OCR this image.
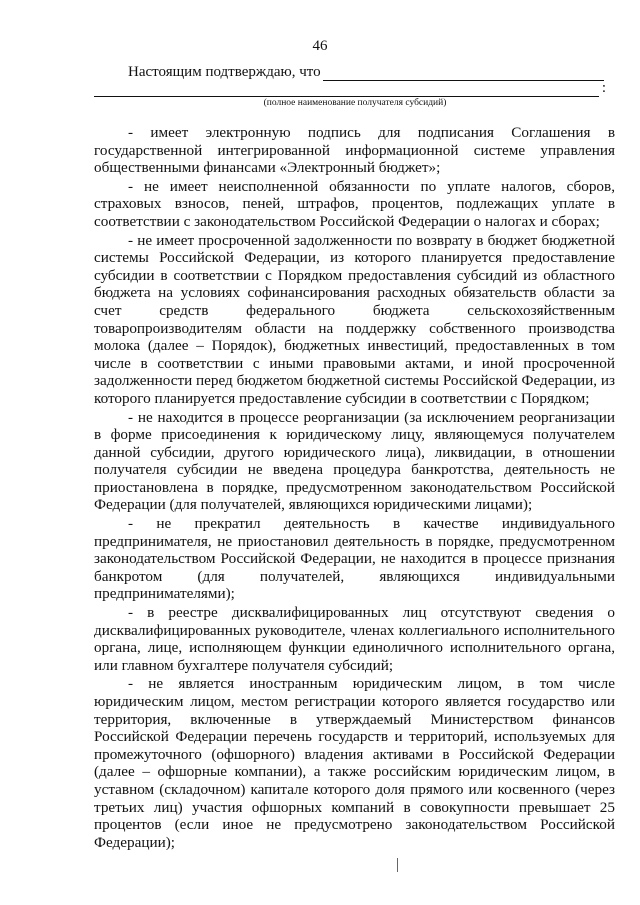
46
Настоящим подтверждаю, что
:
(полное наименование получателя субсидий)

- имеет электронную подпись для подписания Соглашения в государственной интегрированной информационной системе управления общественными финансами «Электронный бюджет»;

- не имеет неисполненной обязанности по уплате налогов, сборов, страховых взносов, пеней, штрафов, процентов, подлежащих уплате в соответствии с законодательством Российской Федерации о налогах и сборах;

- не имеет просроченной задолженности по возврату в бюджет бюджетной системы Российской Федерации, из которого планируется предоставление субсидии в соответствии с Порядком предоставления субсидий из областного бюджета на условиях софинансирования расходных обязательств области за счет средств федерального бюджета сельскохозяйственным товаропроизводителям области на поддержку собственного производства молока (далее – Порядок), бюджетных инвестиций, предоставленных в том числе в соответствии с иными правовыми актами, и иной просроченной задолженности перед бюджетом бюджетной системы Российской Федерации, из которого планируется предоставление субсидии в соответствии с Порядком;

- не находится в процессе реорганизации (за исключением реорганизации в форме присоединения к юридическому лицу, являющемуся получателем данной субсидии, другого юридического лица), ликвидации, в отношении получателя субсидии не введена процедура банкротства, деятельность не приостановлена в порядке, предусмотренном законодательством Российской Федерации (для получателей, являющихся юридическими лицами);

- не прекратил деятельность в качестве индивидуального предпринимателя, не приостановил деятельность в порядке, предусмотренном законодательством Российской Федерации, не находится в процессе признания банкротом (для получателей, являющихся индивидуальными предпринимателями);

- в реестре дисквалифицированных лиц отсутствуют сведения о дисквалифицированных руководителе, членах коллегиального исполнительного органа, лице, исполняющем функции единоличного исполнительного органа, или главном бухгалтере получателя субсидий;

- не является иностранным юридическим лицом, в том числе юридическим лицом, местом регистрации которого является государство или территория, включенные в утверждаемый Министерством финансов Российской Федерации перечень государств и территорий, используемых для промежуточного (офшорного) владения активами в Российской Федерации (далее – офшорные компании), а также российским юридическим лицом, в уставном (складочном) капитале которого доля прямого или косвенного (через третьих лиц) участия офшорных компаний в совокупности превышает 25 процентов (если иное не предусмотрено законодательством Российской Федерации);
